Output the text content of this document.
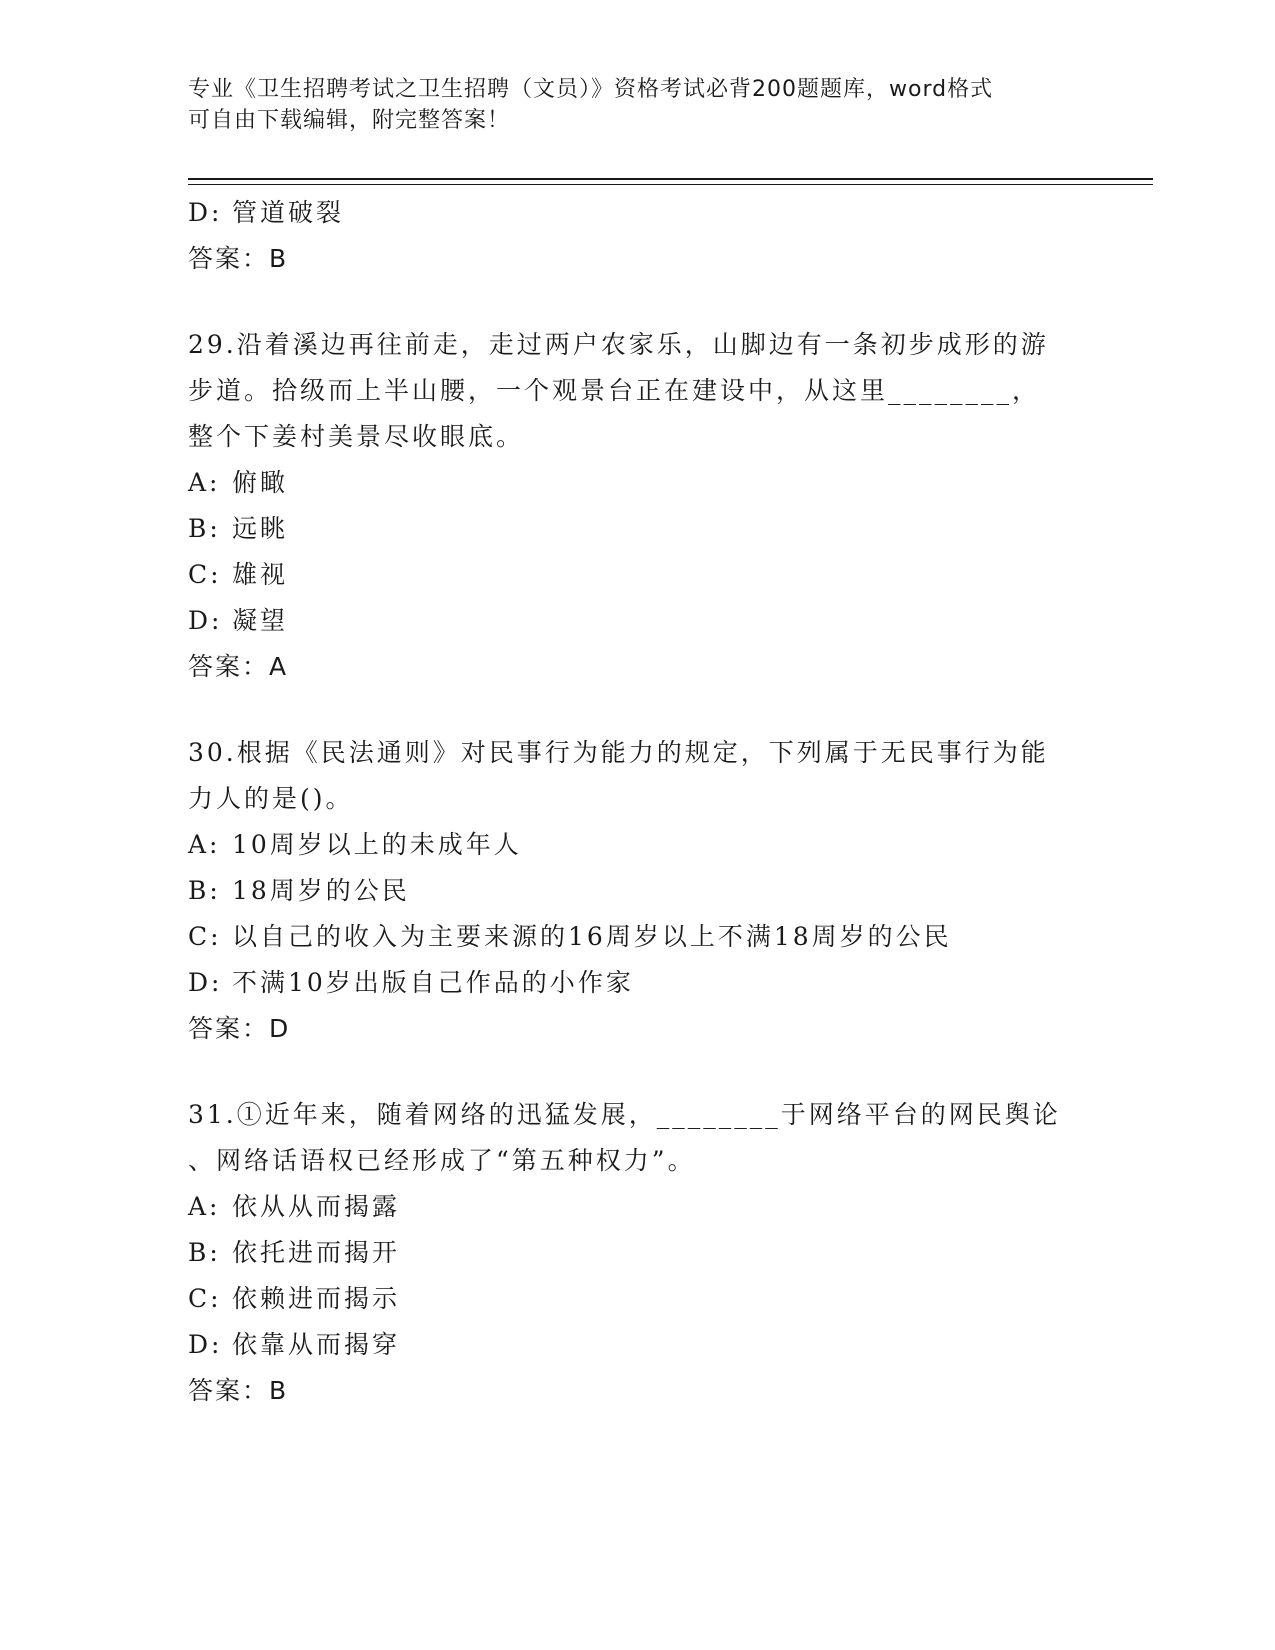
专业《卫生招聘考试之卫生招聘（文员）》资格考试必背200题题库，word格式
可自由下载编辑，附完整答案！
D: 管道破裂
答案：B
29.沿着溪边再往前走，走过两户农家乐，山脚边有一条初步成形的游
步道。拾级而上半山腰，一个观景台正在建设中，从这里________，
整个下姜村美景尽收眼底。
A: 俯瞰
B: 远眺
C: 雄视
D: 凝望
答案：A
30.根据《民法通则》对民事行为能力的规定，下列属于无民事行为能
力人的是()。
A: 10周岁以上的未成年人
B: 18周岁的公民
C: 以自己的收入为主要来源的16周岁以上不满18周岁的公民
D: 不满10岁出版自己作品的小作家
答案：D
31.①近年来，随着网络的迅猛发展，________于网络平台的网民舆论
、网络话语权已经形成了“第五种权力”。
A: 依从从而揭露
B: 依托进而揭开
C: 依赖进而揭示
D: 依靠从而揭穿
答案：B
